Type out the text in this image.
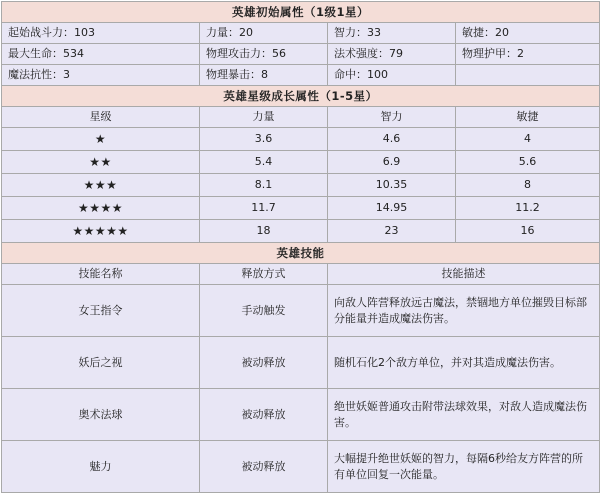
英雄初始属性（1级1星）			
起始战斗力：103	力量：20	智力：33	敏捷：20
最大生命：534	物理攻击力：56	法术强度：79	物理护甲：2
魔法抗性：3	物理暴击：8	命中：100	
英雄星级成长属性（1-5星）			
星级	力量	智力	敏捷
★	3.6	4.6	4
★★	5.4	6.9	5.6
★★★	8.1	10.35	8
★★★★	11.7	14.95	11.2
★★★★★	18	23	16
英雄技能			
技能名称	释放方式	技能描述	
女王指令	手动触发	向敌人阵营释放远古魔法，禁锢地方单位摧毁目标部分能量并造成魔法伤害。	
妖后之视	被动释放	随机石化2个敌方单位，并对其造成魔法伤害。	
奥术法球	被动释放	绝世妖姬普通攻击附带法球效果，对敌人造成魔法伤害。	
魅力	被动释放	大幅提升绝世妖姬的智力，每隔6秒给友方阵营的所有单位回复一次能量。	
